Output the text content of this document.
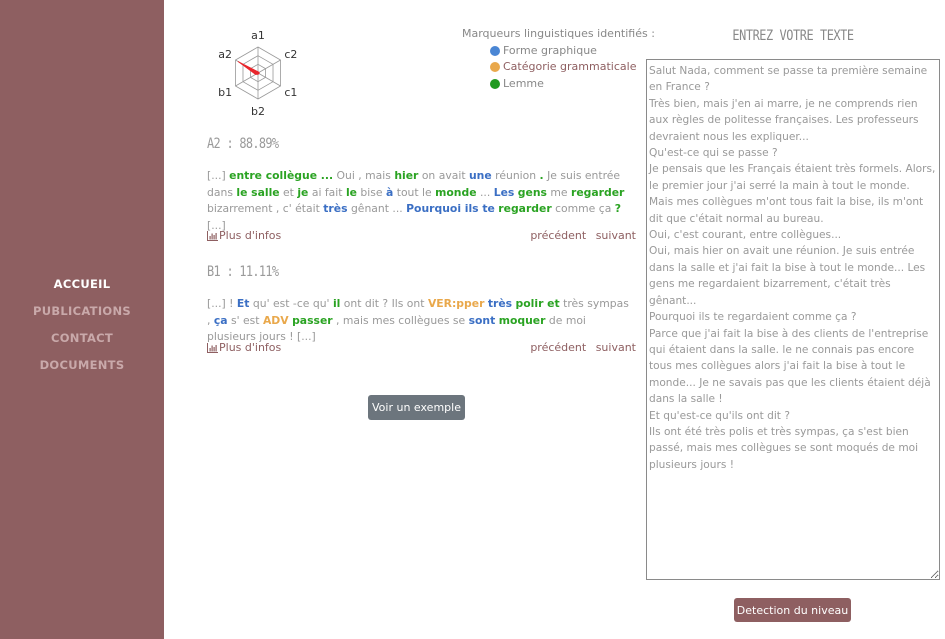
ACCUEIL
PUBLICATIONS
CONTACT
DOCUMENTS
a1
c2
c1
b2
b1
a2
Marqueurs linguistiques identifiés :
Forme graphique
Catégorie grammaticale
Lemme
A2 : 88.89%
[...] entre collègue ... Oui , mais hier on avait une réunion . Je suis entrée dans le salle et je ai fait le bise à tout le monde ... Les gens me regarder bizarrement , c' était très gênant ... Pourquoi ils te regarder comme ça ? [...]
Plus d'infos	précédent suivant
B1 : 11.11%
[...] ! Et qu' est -ce qu' il ont dit ? Ils ont VER:pper très polir et très sympas , ça s' est ADV passer , mais mes collègues se sont moquer de moi plusieurs jours ! [...]
Plus d'infos	précédent suivant
Voir un exemple
ENTREZ VOTRE TEXTE
Salut Nada, comment se passe ta première semaine en France ? Très bien, mais j'en ai marre, je ne comprends rien aux règles de politesse françaises. Les professeurs devraient nous les expliquer... Qu'est-ce qui se passe ? Je pensais que les Français étaient très formels. Alors, le premier jour j'ai serré la main à tout le monde. Mais mes collègues m'ont tous fait la bise, ils m'ont dit que c'était normal au bureau. Oui, c'est courant, entre collègues... Oui, mais hier on avait une réunion. Je suis entrée dans la salle et j'ai fait la bise à tout le monde... Les gens me regardaient bizarrement, c'était très gênant... Pourquoi ils te regardaient comme ça ? Parce que j'ai fait la bise à des clients de l'entreprise qui étaient dans la salle. le ne connais pas encore tous mes collègues alors j'ai fait la bise à tout le monde... Je ne savais pas que les clients étaient déjà dans la salle ! Et qu'est-ce qu'ils ont dit ? Ils ont été très polis et très sympas, ça s'est bien passé, mais mes collègues se sont moqués de moi plusieurs jours !
Detection du niveau
